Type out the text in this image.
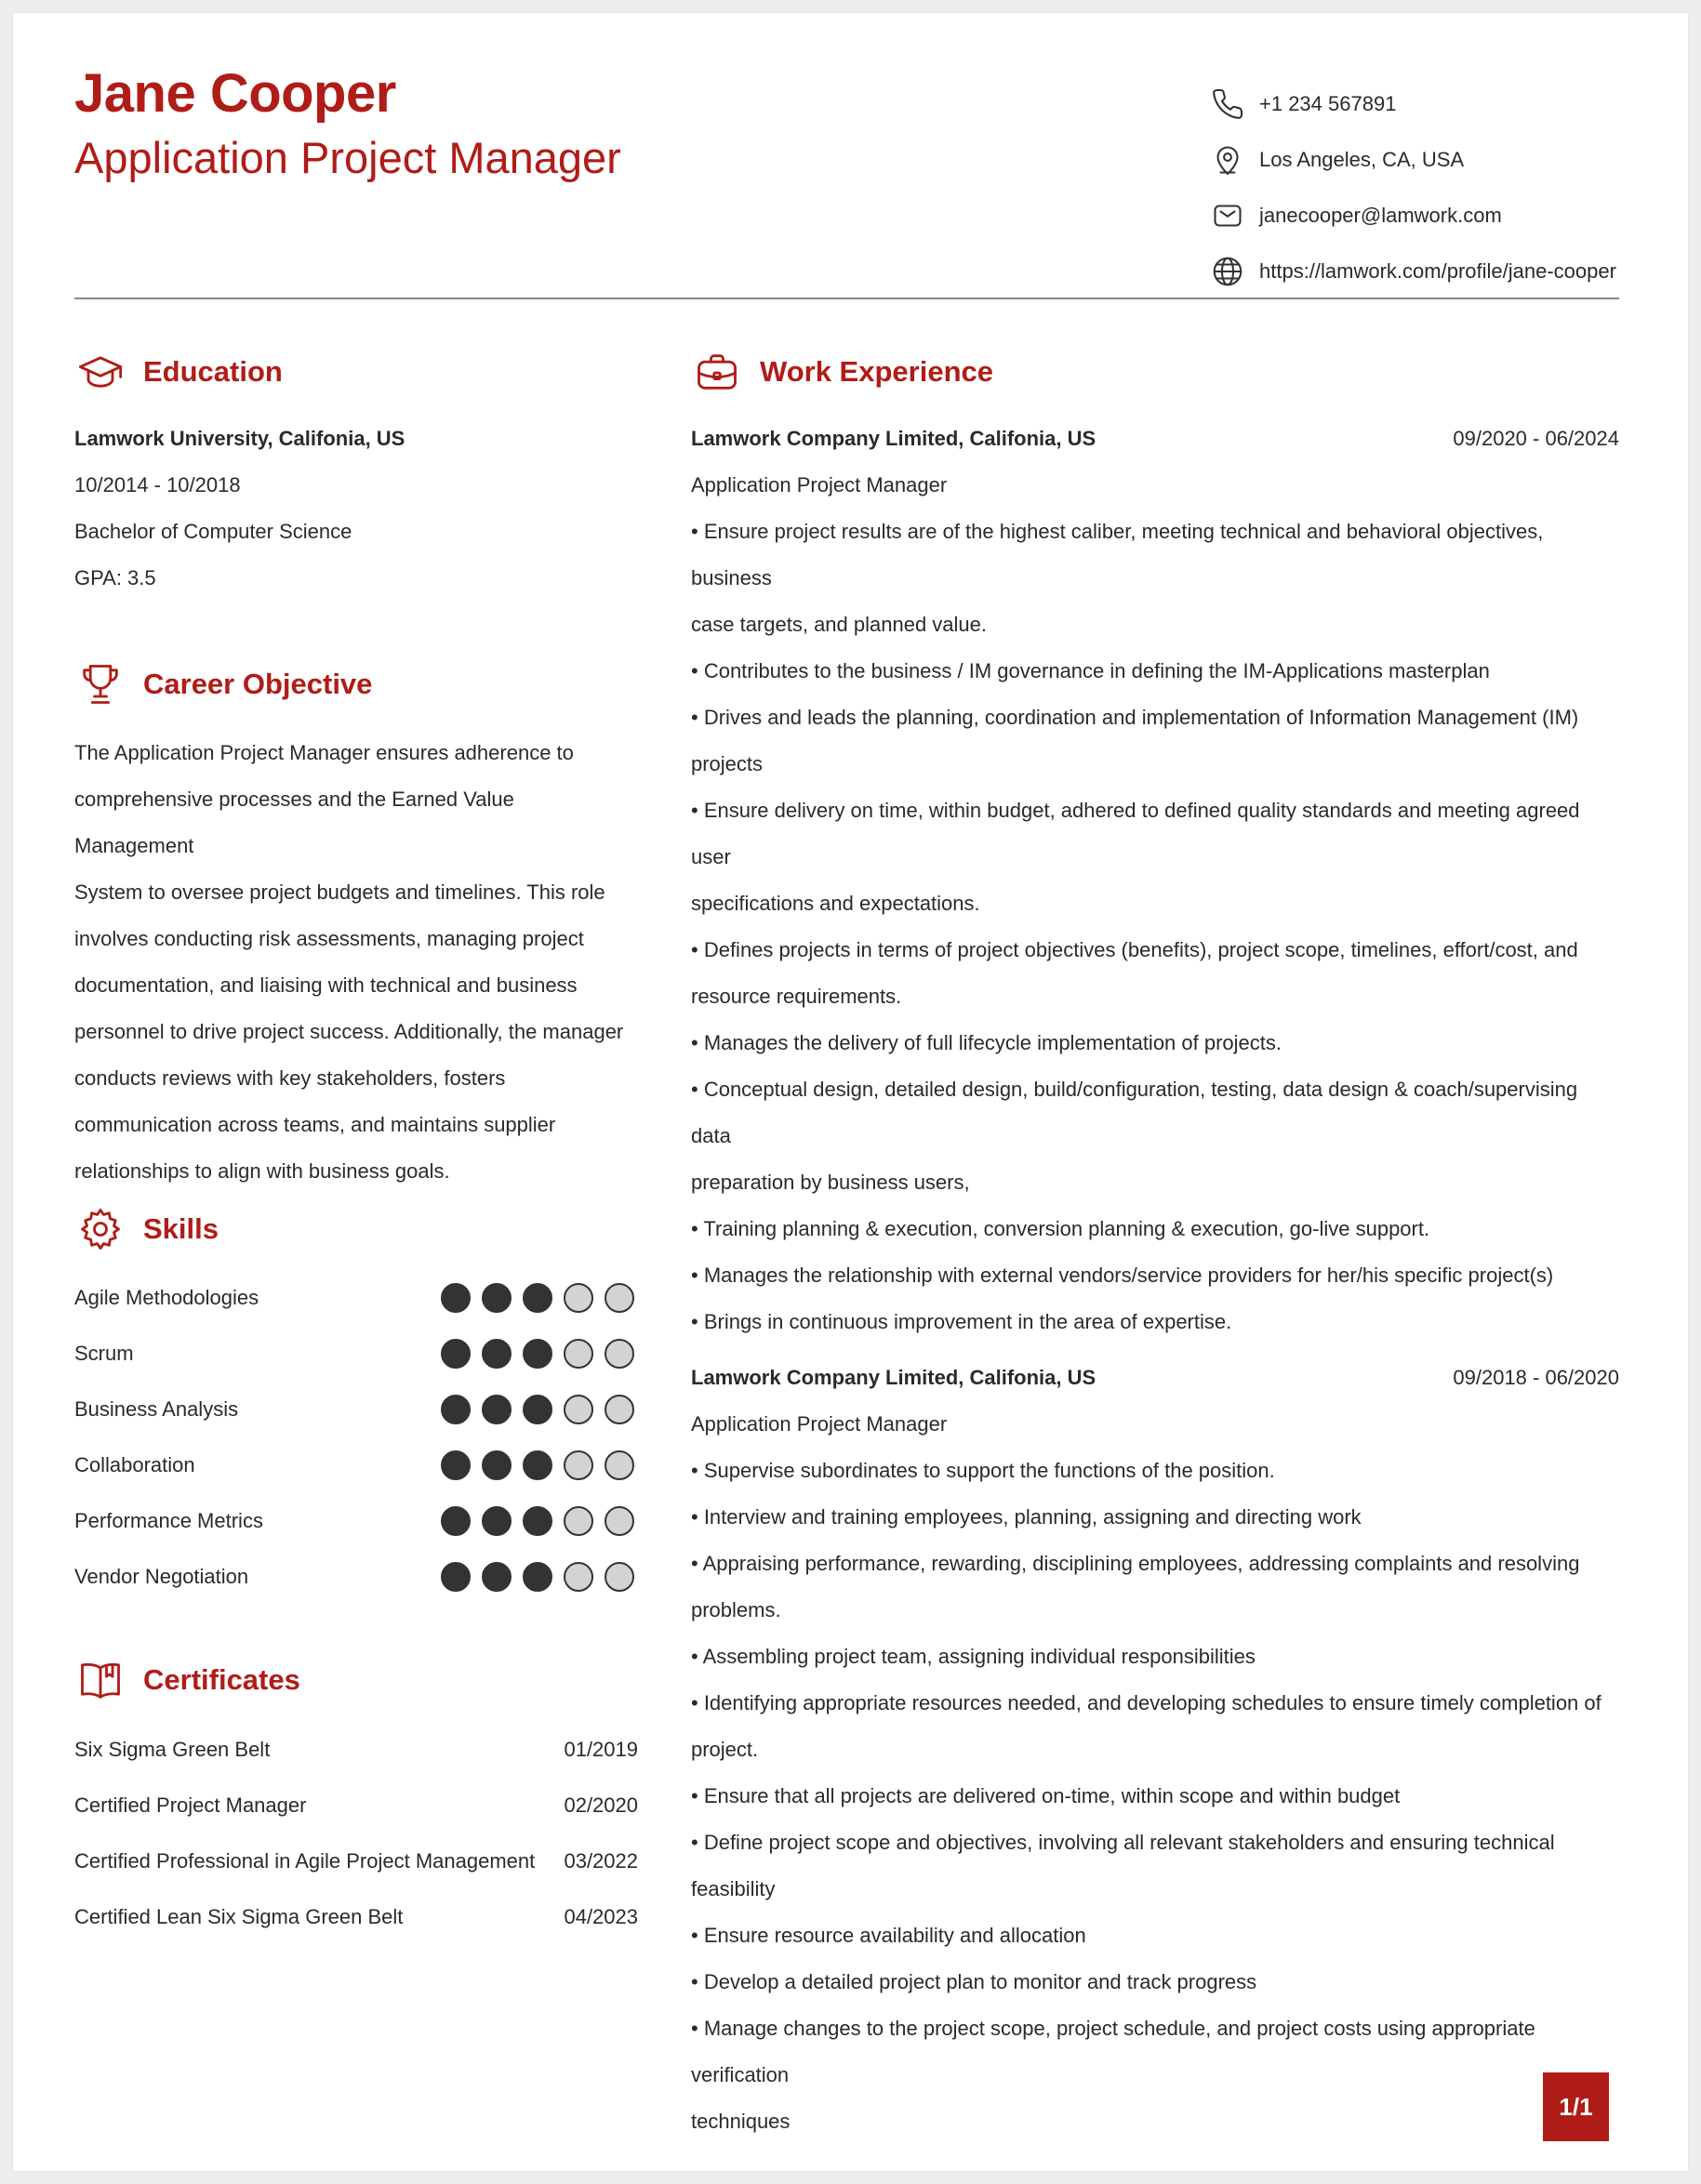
Jane Cooper
Application Project Manager
+1 234 567891
Los Angeles, CA, USA
janecooper@lamwork.com
https://lamwork.com/profile/jane-cooper
Education
Lamwork University, Califonia, US
10/2014 - 10/2018
Bachelor of Computer Science
GPA: 3.5
Career Objective
The Application Project Manager ensures adherence to
comprehensive processes and the Earned Value Management
System to oversee project budgets and timelines. This role
involves conducting risk assessments, managing project
documentation, and liaising with technical and business
personnel to drive project success. Additionally, the manager
conducts reviews with key stakeholders, fosters
communication across teams, and maintains supplier
relationships to align with business goals.
Skills
Agile Methodologies
Scrum
Business Analysis
Collaboration
Performance Metrics
Vendor Negotiation
Certificates
Six Sigma Green Belt	01/2019
Certified Project Manager	02/2020
Certified Professional in Agile Project Management 03/2022
Certified Lean Six Sigma Green Belt	04/2023
Work Experience
Lamwork Company Limited, Califonia, US	09/2020 - 06/2024
Application Project Manager
• Ensure project results are of the highest caliber, meeting technical and behavioral objectives, business
case targets, and planned value.
• Contributes to the business / IM governance in defining the IM-Applications masterplan
• Drives and leads the planning, coordination and implementation of Information Management (IM)
projects
• Ensure delivery on time, within budget, adhered to defined quality standards and meeting agreed user
specifications and expectations.
• Defines projects in terms of project objectives (benefits), project scope, timelines, effort/cost, and
resource requirements.
• Manages the delivery of full lifecycle implementation of projects.
• Conceptual design, detailed design, build/configuration, testing, data design & coach/supervising data
preparation by business users,
• Training planning & execution, conversion planning & execution, go-live support.
• Manages the relationship with external vendors/service providers for her/his specific project(s)
• Brings in continuous improvement in the area of expertise.
Lamwork Company Limited, Califonia, US	09/2018 - 06/2020
Application Project Manager
• Supervise subordinates to support the functions of the position.
• Interview and training employees, planning, assigning and directing work
• Appraising performance, rewarding, disciplining employees, addressing complaints and resolving
problems.
• Assembling project team, assigning individual responsibilities
• Identifying appropriate resources needed, and developing schedules to ensure timely completion of
project.
• Ensure that all projects are delivered on-time, within scope and within budget
• Define project scope and objectives, involving all relevant stakeholders and ensuring technical feasibility
• Ensure resource availability and allocation
• Develop a detailed project plan to monitor and track progress
• Manage changes to the project scope, project schedule, and project costs using appropriate verification
techniques
1/1
